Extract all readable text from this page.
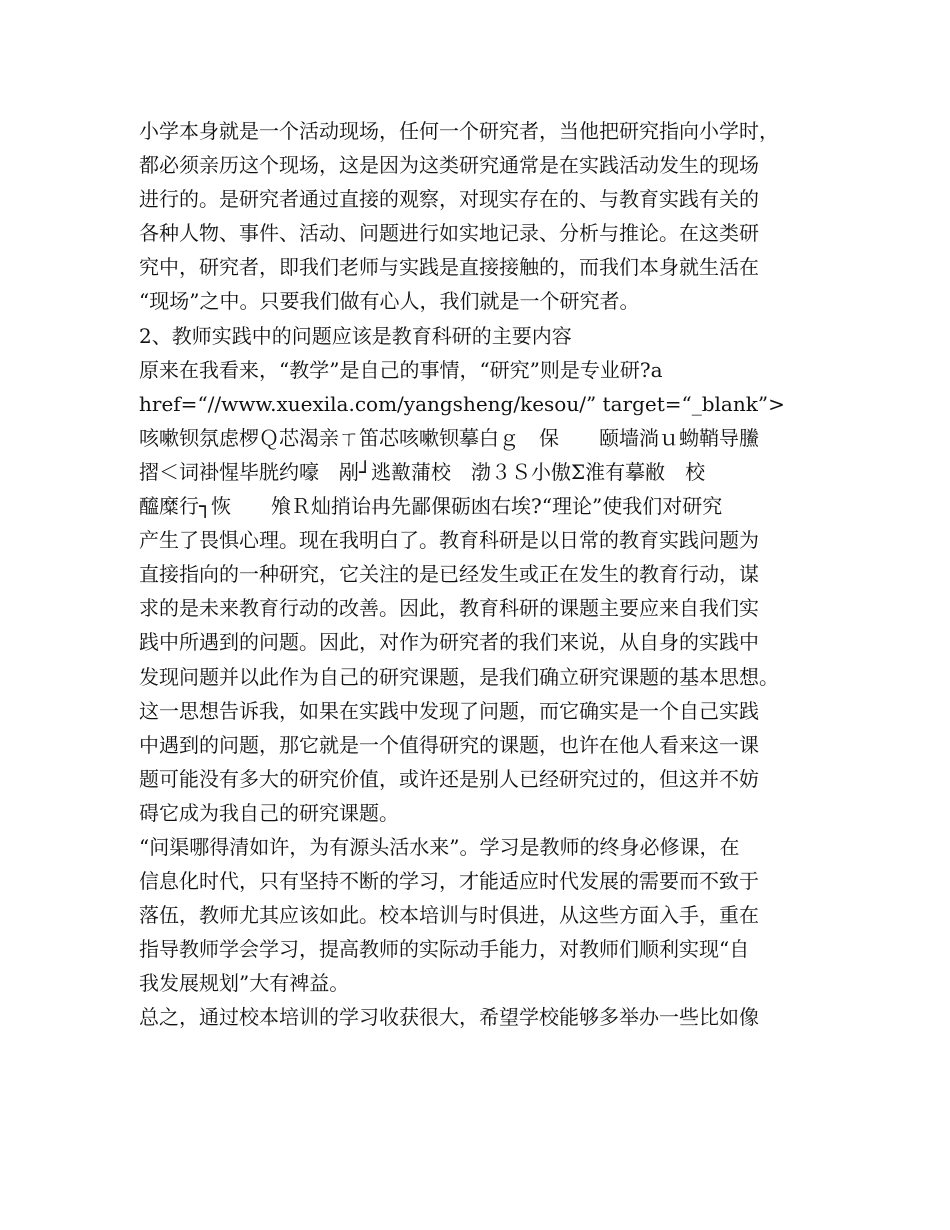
小学本身就是一个活动现场，任何一个研究者，当他把研究指向小学时，
都必须亲历这个现场，这是因为这类研究通常是在实践活动发生的现场
进行的。是研究者通过直接的观察，对现实存在的、与教育实践有关的
各种人物、事件、活动、问题进行如实地记录、分析与推论。在这类研
究中，研究者，即我们老师与实践是直接接触的，而我们本身就生活在
“现场”之中。只要我们做有心人，我们就是一个研究者。
2、教师实践中的问题应该是教育科研的主要内容
原来在我看来，“教学”是自己的事情，“研究”则是专业研?a
href=“//www.xuexila.com/yangsheng/kesou/” target=“_blank”>
咳嗽钡氛虑椤Ｑ芯渴亲ㄒ笛芯咳嗽钡摹白ｇ　保　　颐墙淌ｕ蚴鞘导鰧
摺＜词褂惺毕胱约嚎　剐┘逃敾蒲校　渤３Ｓ小傲Σ淮有摹敝　校
醯糜行┐恢　　飧Ｒ灿捎诒冉先鄙倮砺凼右埃?“理论”使我们对研究
产生了畏惧心理。现在我明白了。教育科研是以日常的教育实践问题为
直接指向的一种研究，它关注的是已经发生或正在发生的教育行动，谋
求的是未来教育行动的改善。因此，教育科研的课题主要应来自我们实
践中所遇到的问题。因此，对作为研究者的我们来说，从自身的实践中
发现问题并以此作为自己的研究课题，是我们确立研究课题的基本思想。
这一思想告诉我，如果在实践中发现了问题，而它确实是一个自己实践
中遇到的问题，那它就是一个值得研究的课题，也许在他人看来这一课
题可能没有多大的研究价值，或许还是别人已经研究过的，但这并不妨
碍它成为我自己的研究课题。
“问渠哪得清如许，为有源头活水来”。学习是教师的终身必修课，在
信息化时代，只有坚持不断的学习，才能适应时代发展的需要而不致于
落伍，教师尤其应该如此。校本培训与时俱进，从这些方面入手，重在
指导教师学会学习，提高教师的实际动手能力，对教师们顺利实现“自
我发展规划”大有裨益。
总之，通过校本培训的学习收获很大，希望学校能够多举办一些比如像
